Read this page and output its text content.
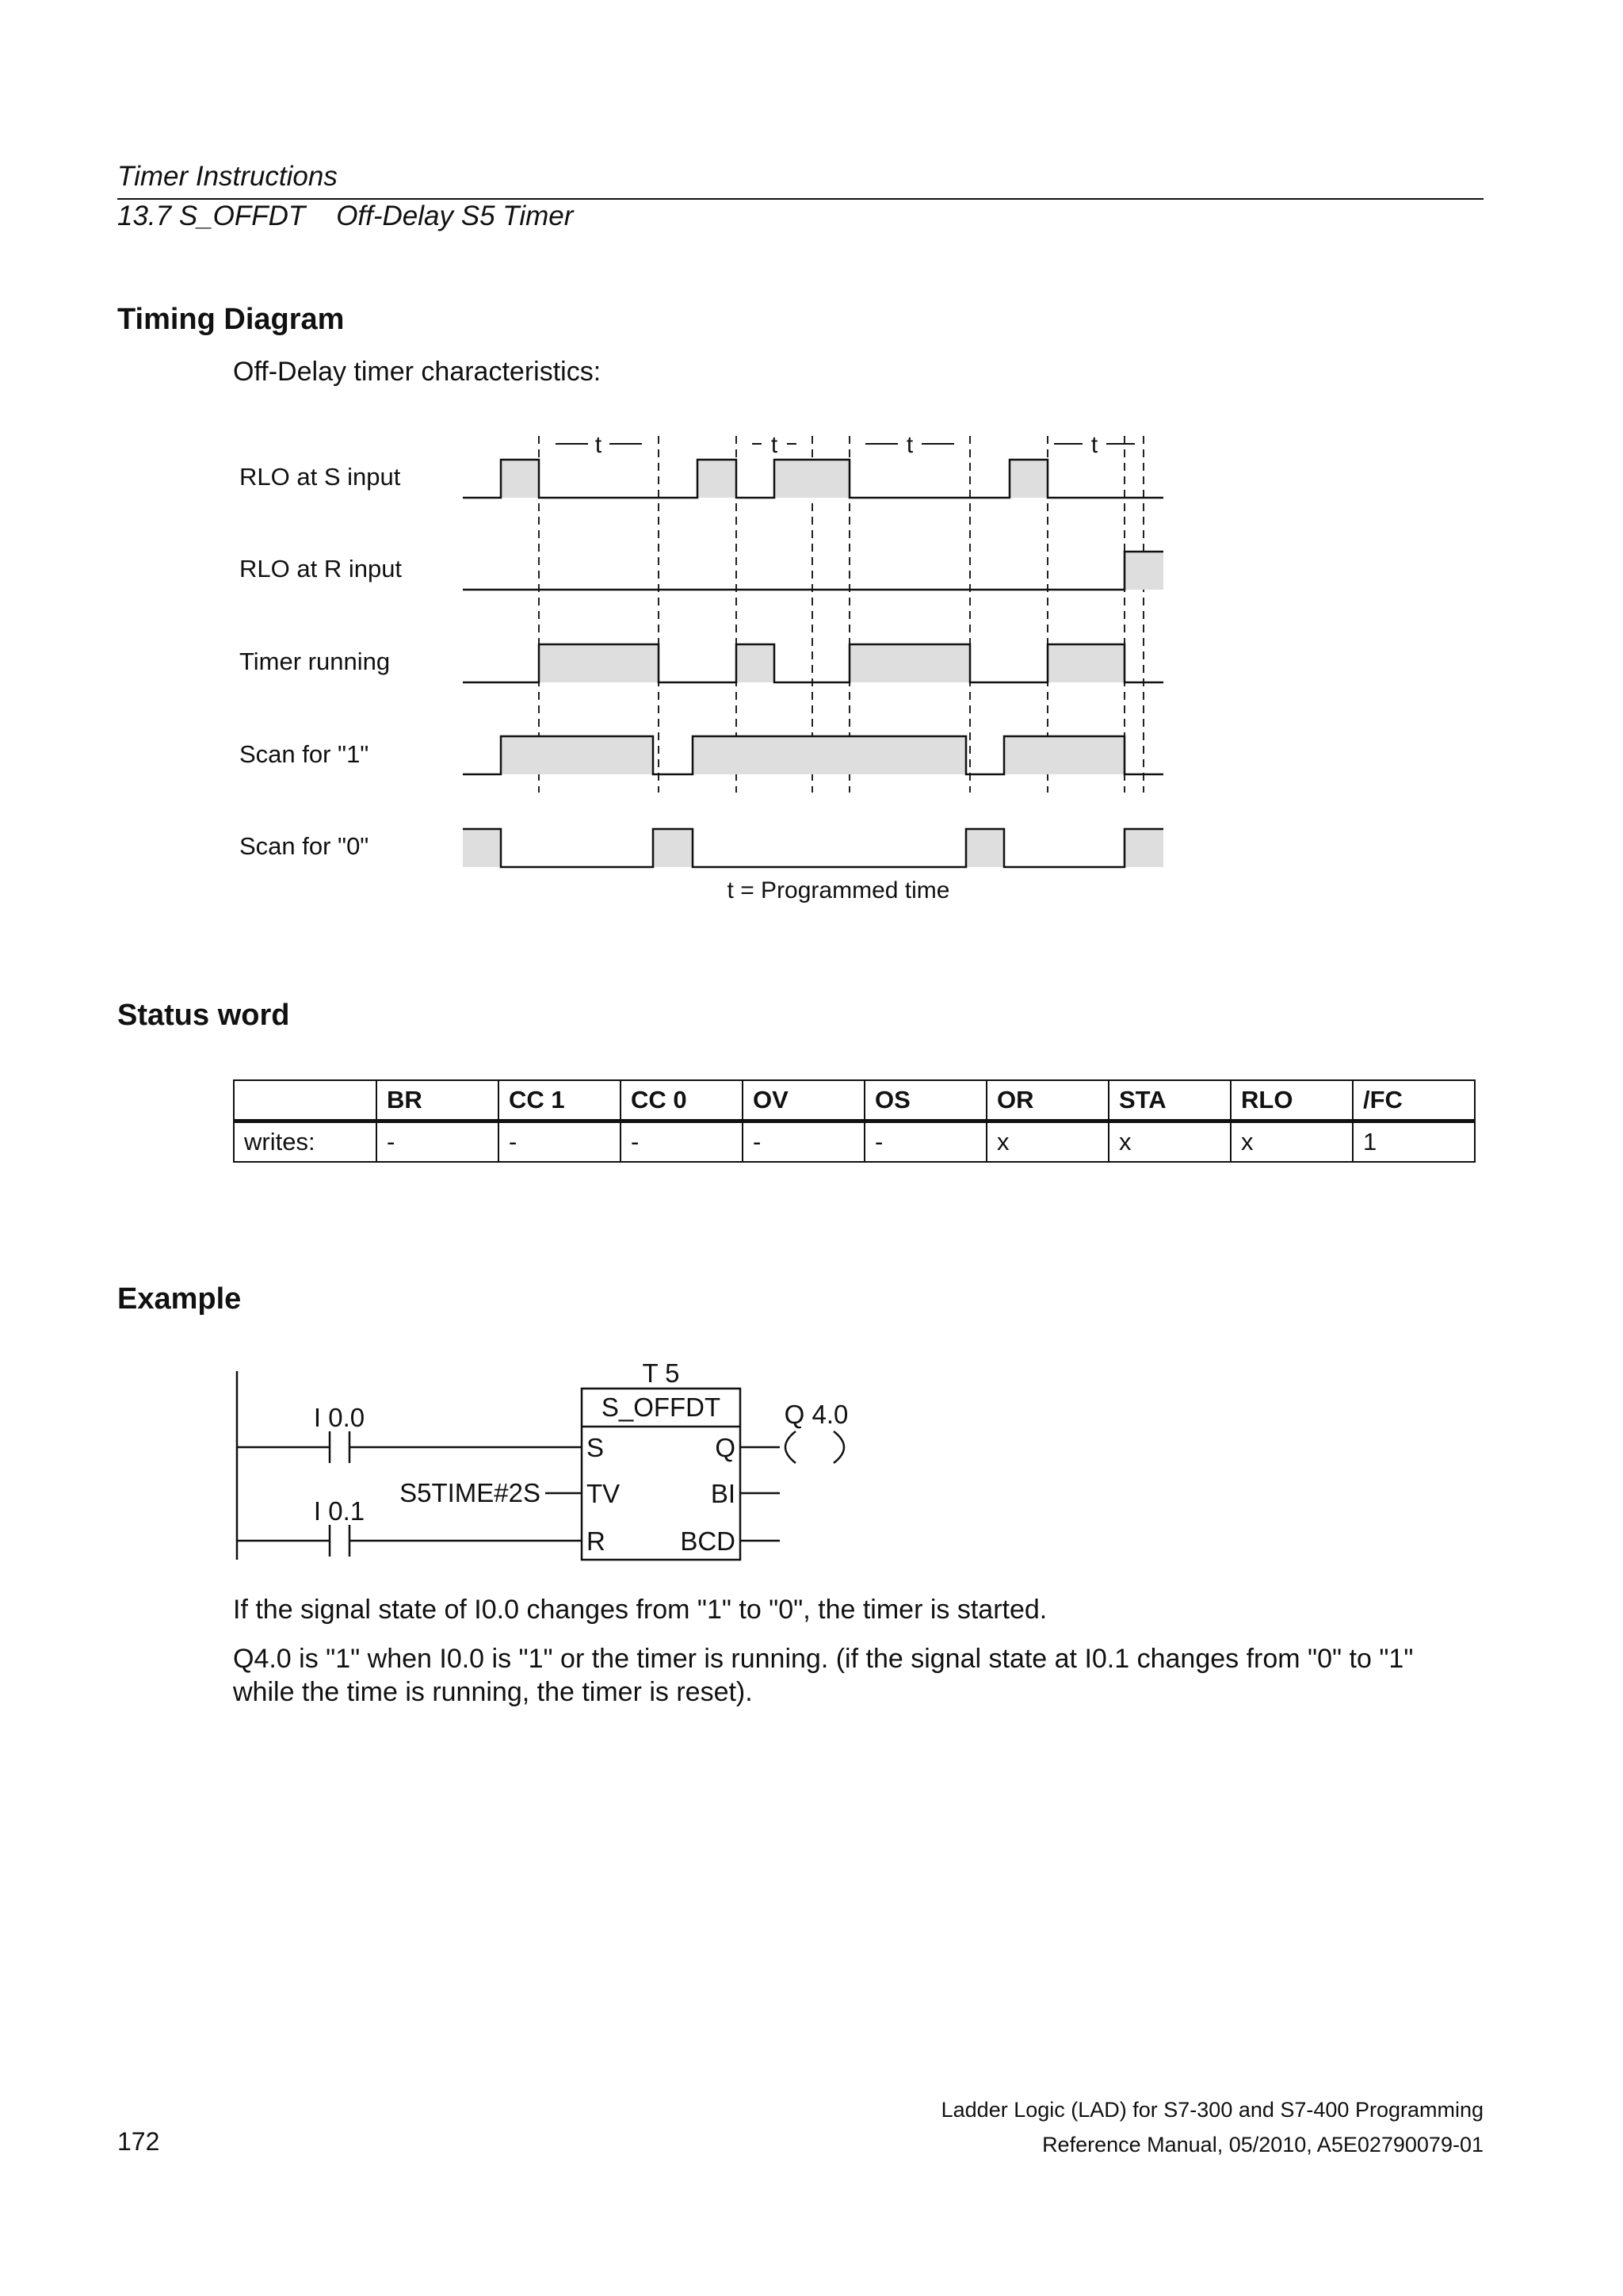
Timer Instructions
13.7 S_OFFDT    Off-Delay S5 Timer
Timing Diagram
Off-Delay timer characteristics:
RLO at S input
RLO at R input
Timer running
Scan for "1"
Scan for "0"
t	t	t	t
t = Programmed time
Status word
	BR	CC 1	CC 0	OV	OS	OR	STA	RLO	/FC
writes:	-	-	-	-	-	x	x	x	1
Example
T 5
S_OFFDT
I 0.0
I 0.1
S5TIME#2S
Q 4.0
S
TV
R
Q
BI
BCD
If the signal state of I0.0 changes from "1" to "0", the timer is started.
Q4.0 is "1" when I0.0 is "1" or the timer is running. (if the signal state at I0.1 changes from "0" to "1" while the time is running, the timer is reset).
Ladder Logic (LAD) for S7-300 and S7-400 Programming
Reference Manual, 05/2010, A5E02790079-01
172
